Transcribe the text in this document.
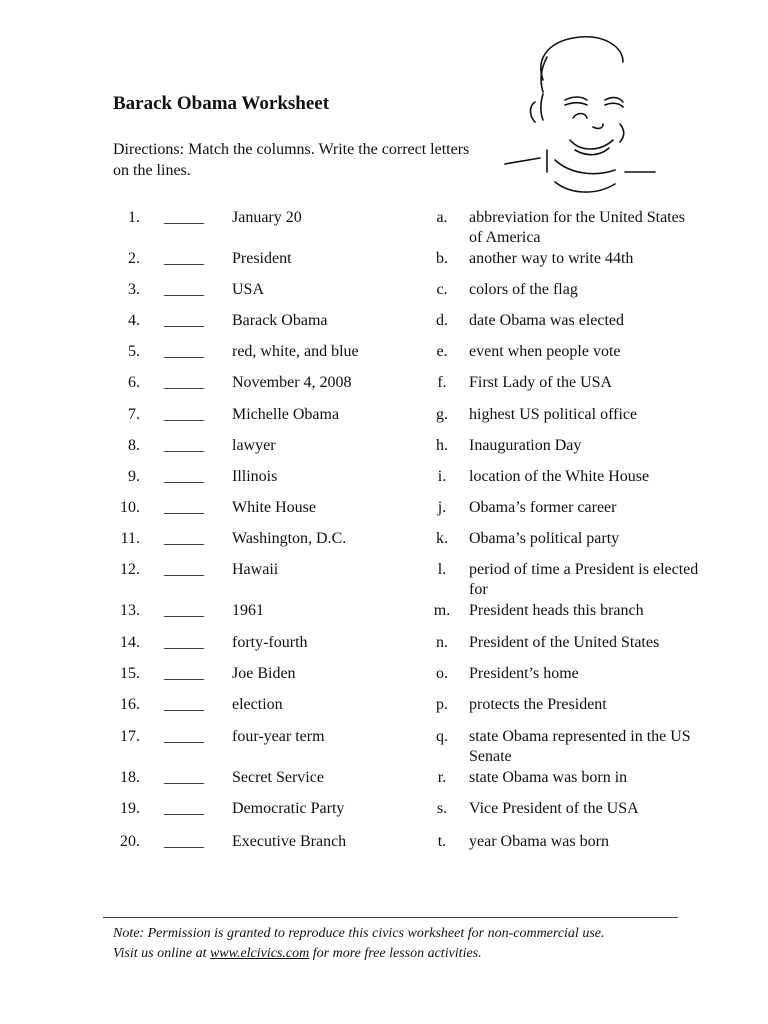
Barack Obama Worksheet
Directions: Match the columns. Write the correct letters on the lines.
1. _____ January 20	a. abbreviation for the United States of America
2. _____ President	b. another way to write 44th
3. _____ USA	c. colors of the flag
4. _____ Barack Obama	d. date Obama was elected
5. _____ red, white, and blue	e. event when people vote
6. _____ November 4, 2008	f.	First Lady of the USA
7. _____ Michelle Obama	g. highest US political office
8. _____ lawyer	h. Inauguration Day
9. _____ Illinois	i.	location of the White House
10. _____ White House	j.	Obama’s former career
11. _____ Washington, D.C.	k. Obama’s political party
12. _____ Hawaii	l.	period of time a President is elected for
13. _____ 1961	m. President heads this branch
14. _____ forty-fourth	n. President of the United States
15. _____ Joe Biden	o. President’s home
16. _____ election	p. protects the President
17. _____ four-year term	q. state Obama represented in the US Senate
18. _____ Secret Service	r.	state Obama was born in
19. _____ Democratic Party	s.	Vice President of the USA
20. _____ Executive Branch	t.	year Obama was born
Note: Permission is granted to reproduce this civics worksheet for non-commercial use.
Visit us online at www.elcivics.com for more free lesson activities.
